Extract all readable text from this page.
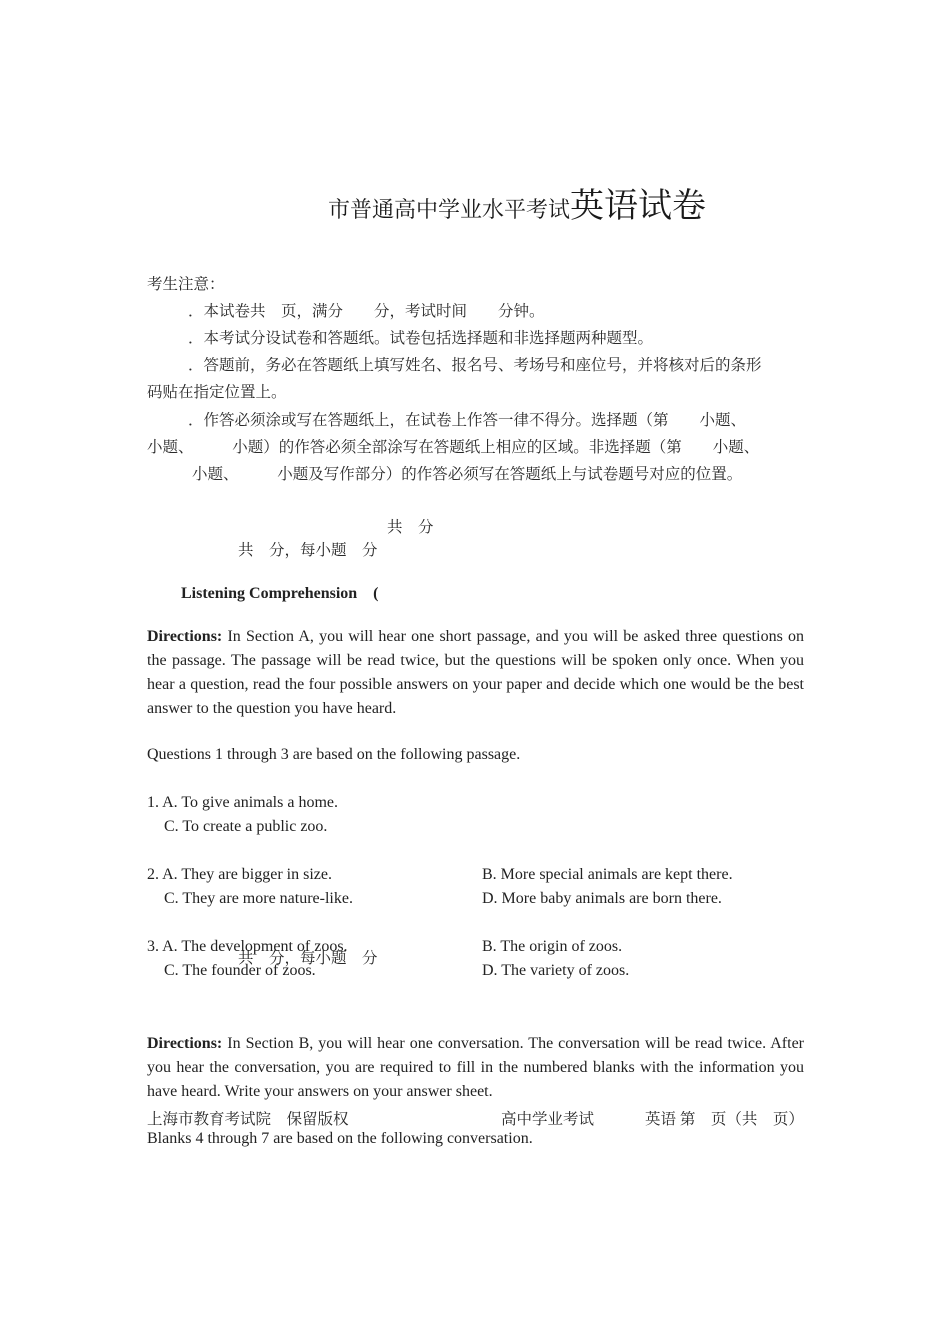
市普通高中学业水平考试英语试卷
考生注意：
．本试卷共　页，满分　　分，考试时间　　分钟。
．本考试分设试卷和答题纸。试卷包括选择题和非选择题两种题型。
．答题前，务必在答题纸上填写姓名、报名号、考场号和座位号，并将核对后的条形
码贴在指定位置上。
．作答必须涂或写在答题纸上，在试卷上作答一律不得分。选择题（第　　小题、
小题、　　　小题）的作答必须全部涂写在答题纸上相应的区域。非选择题（第　　小题、
小题、　　　小题及写作部分）的作答必须写在答题纸上与试卷题号对应的位置。
共　分
共　分，每小题　分
Listening Comprehension　(
Directions: In Section A, you will hear one short passage, and you will be asked three questions on the passage. The passage will be read twice, but the questions will be spoken only once. When you hear a question, read the four possible answers on your paper and decide which one would be the best answer to the question you have heard.
Questions 1 through 3 are based on the following passage.
1. A. To give animals a home.
C. To create a public zoo.
2. A. They are bigger in size.	B. More special animals are kept there.
C. They are more nature-like.	D. More baby animals are born there.
3. A. The development of zoos.	B. The origin of zoos.
C. The founder of zoos.	D. The variety of zoos.
共　分，每小题　分
Directions: In Section B, you will hear one conversation. The conversation will be read twice. After you hear the conversation, you are required to fill in the numbered blanks with the information you have heard. Write your answers on your answer sheet.
上海市教育考试院　保留版权	高中学业考试	英语 第　页（共　页）
Blanks 4 through 7 are based on the following conversation.
